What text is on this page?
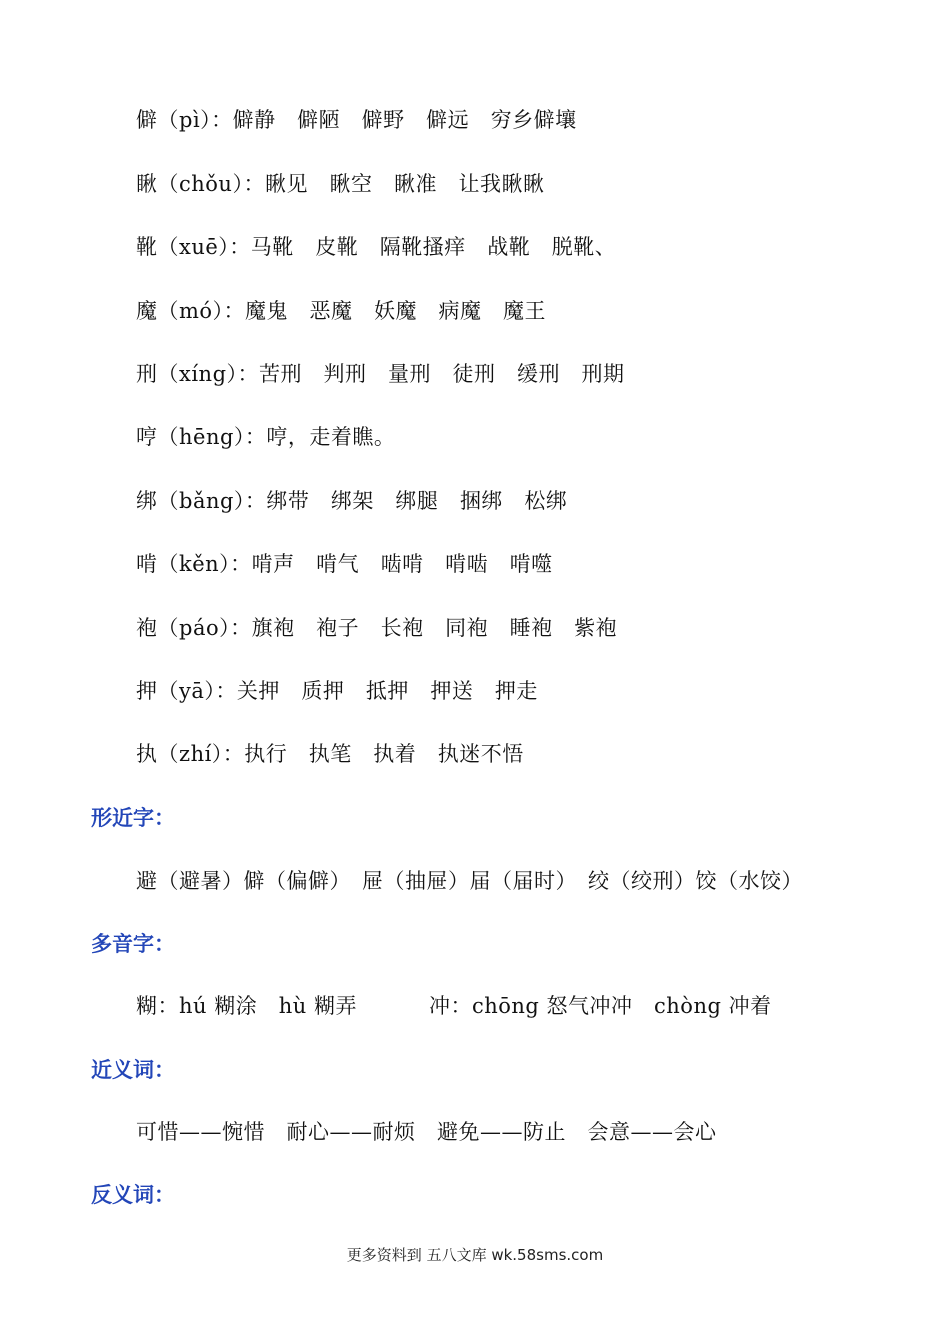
僻（pì）：僻静　僻陋　僻野　僻远　穷乡僻壤
瞅（chǒu）：瞅见　瞅空　瞅准　让我瞅瞅
靴（xuē）：马靴　皮靴　隔靴搔痒　战靴　脱靴、
魔（mó）：魔鬼　恶魔　妖魔　病魔　魔王
刑（xíng）：苦刑　判刑　量刑　徒刑　缓刑　刑期
哼（hēng）：哼，走着瞧。
绑（bǎng）：绑带　绑架　绑腿　捆绑　松绑
啃（kěn）：啃声　啃气　啮啃　啃啮　啃噬
袍（páo）：旗袍　袍子　长袍　同袍　睡袍　紫袍
押（yā）：关押　质押　抵押　押送　押走
执（zhí）：执行　执笔　执着　执迷不悟
形近字：
避（避暑）僻（偏僻）　屉（抽屉）届（届时）　绞（绞刑）饺（水饺）
多音字：
糊：hú 糊涂　hù 糊弄	冲：chōng 怒气冲冲　chòng 冲着
近义词：
可惜——惋惜　耐心——耐烦　避免——防止　会意——会心
反义词：
更多资料到 五八文库 wk.58sms.com
